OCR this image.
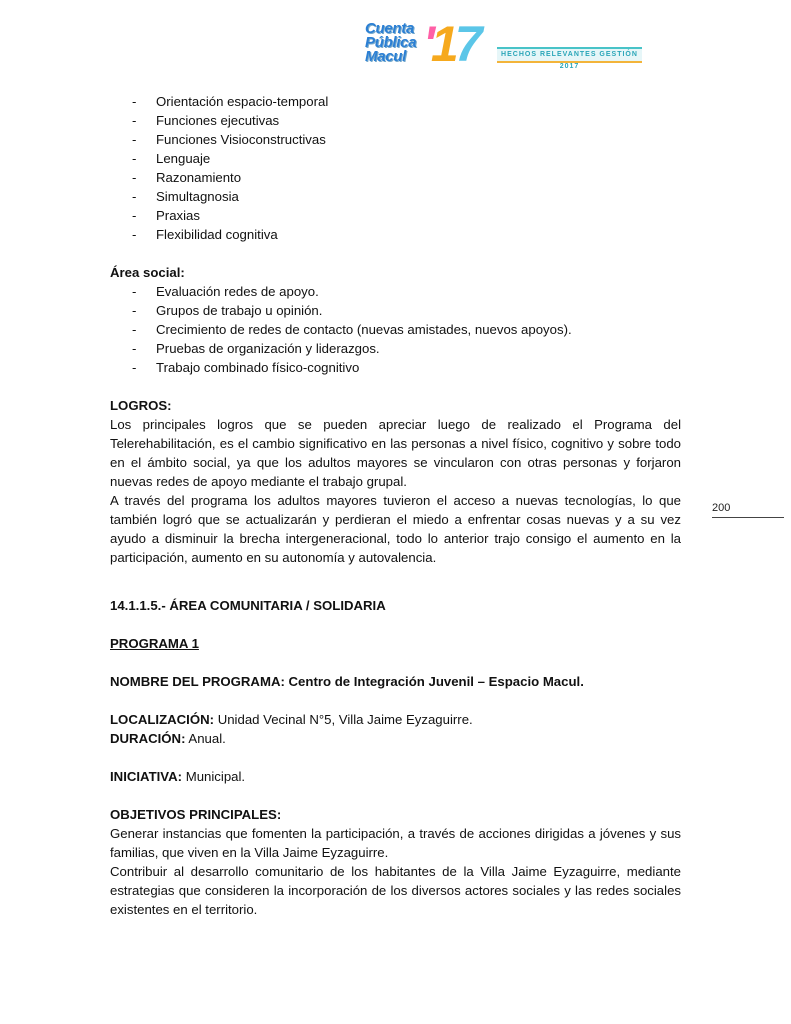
Cuenta
Pública
Macul '17	HECHOS RELEVANTES GESTIÓN 2017
200
- Orientación espacio-temporal
- Funciones ejecutivas
- Funciones Visioconstructivas
- Lenguaje
- Razonamiento
- Simultagnosia
- Praxias
- Flexibilidad cognitiva

Área social:

- Evaluación redes de apoyo.
- Grupos de trabajo u opinión.
- Crecimiento de redes de contacto (nuevas amistades, nuevos apoyos).
- Pruebas de organización y liderazgos.
- Trabajo combinado físico-cognitivo

LOGROS:

Los principales logros que se pueden apreciar luego de realizado el Programa del Telerehabilitación, es el cambio significativo en las personas a nivel físico, cognitivo y sobre todo en el ámbito social, ya que los adultos mayores se vincularon con otras personas y forjaron nuevas redes de apoyo mediante el trabajo grupal.

A través del programa los adultos mayores tuvieron el acceso a nuevas tecnologías, lo que también logró que se actualizarán y perdieran el miedo a enfrentar cosas nuevas y a su vez ayudo a disminuir la brecha intergeneracional, todo lo anterior trajo consigo el aumento en la participación, aumento en su autonomía y autovalencia.

14.1.1.5.- ÁREA COMUNITARIA / SOLIDARIA

PROGRAMA 1

NOMBRE DEL PROGRAMA: Centro de Integración Juvenil – Espacio Macul.

LOCALIZACIÓN: Unidad Vecinal N°5, Villa Jaime Eyzaguirre.

DURACIÓN: Anual.

INICIATIVA: Municipal.

OBJETIVOS PRINCIPALES:

Generar instancias que fomenten la participación, a través de acciones dirigidas a jóvenes y sus familias, que viven en la Villa Jaime Eyzaguirre.

Contribuir al desarrollo comunitario de los habitantes de la Villa Jaime Eyzaguirre, mediante estrategias que consideren la incorporación de los diversos actores sociales y las redes sociales existentes en el territorio.
